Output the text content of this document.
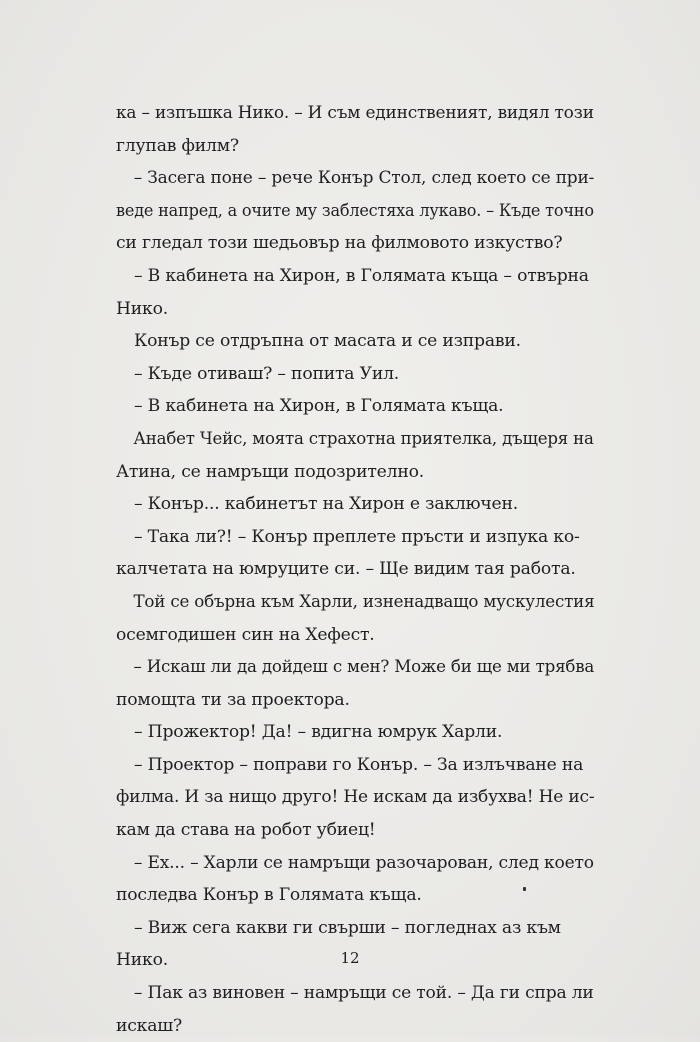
ка – изпъшка Нико. – И съм единственият, видял този
глупав филм?
– Засега поне – рече Конър Стол, след което се при-
веде напред, а очите му заблестяха лукаво. – Къде точно
си гледал този шедьовър на филмовото изкуство?
– В кабинета на Хирон, в Голямата къща – отвърна
Нико.
Конър се отдръпна от масата и се изправи.
– Къде отиваш? – попита Уил.
– В кабинета на Хирон, в Голямата къща.
Анабет Чейс, моята страхотна приятелка, дъщеря на
Атина, се намръщи подозрително.
– Конър... кабинетът на Хирон е заключен.
– Така ли?! – Конър преплете пръсти и изпука ко-
калчетата на юмруците си. – Ще видим тая работа.
Той се обърна към Харли, изненадващо мускулестия
осемгодишен син на Хефест.
– Искаш ли да дойдеш с мен? Може би ще ми трябва
помощта ти за проектора.
– Прожектор! Да! – вдигна юмрук Харли.
– Проектор – поправи го Конър. – За излъчване на
филма. И за нищо друго! Не искам да избухва! Не ис-
кам да става на робот убиец!
– Ех... – Харли се намръщи разочарован, след което
последва Конър в Голямата къща.
– Виж сега какви ги свърши – погледнах аз към
Нико.
– Пак аз виновен – намръщи се той. – Да ги спра ли
искаш?
12
